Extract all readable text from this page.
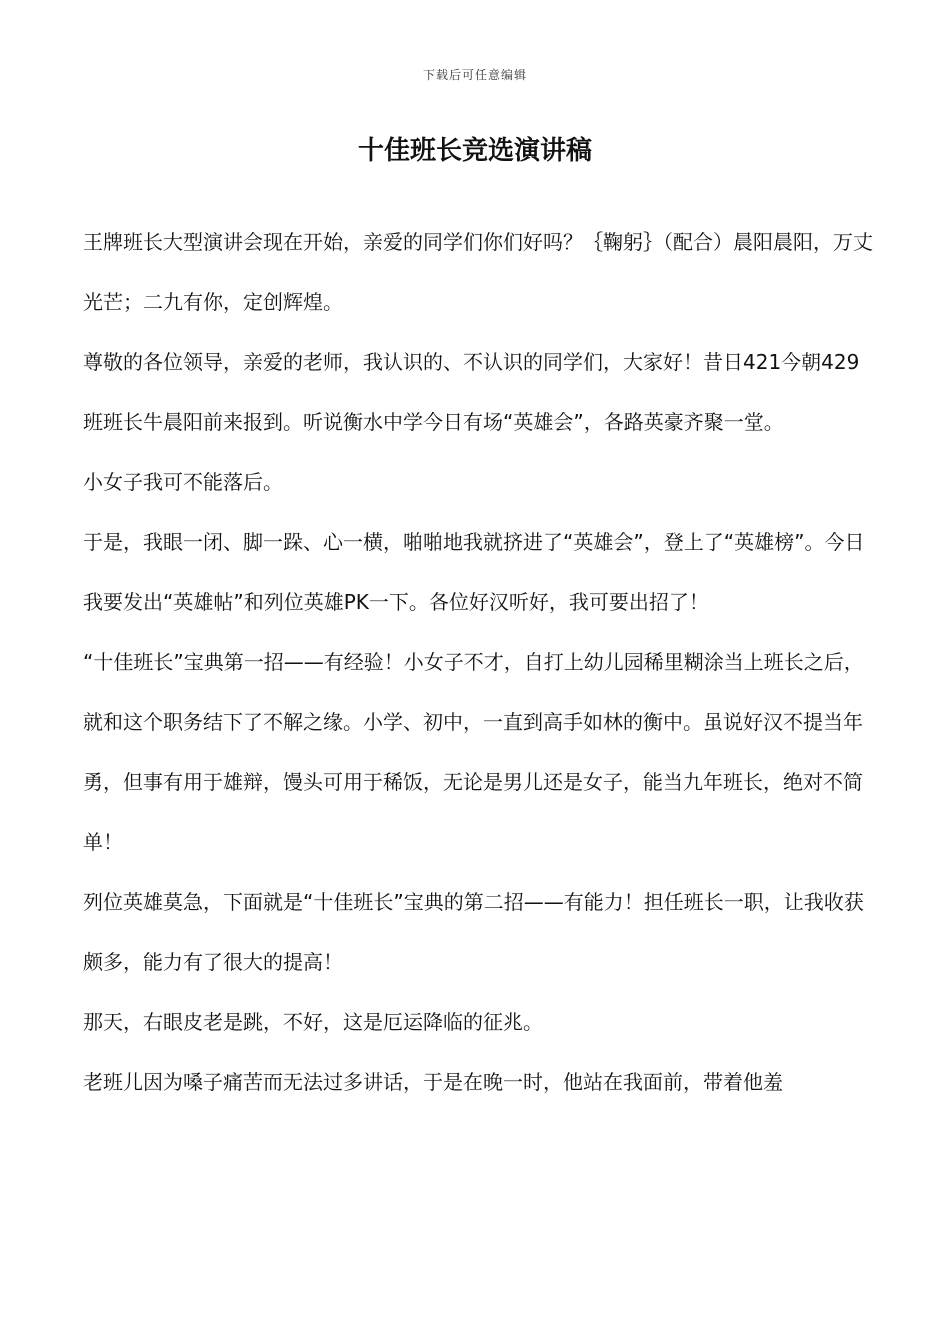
下载后可任意编辑
十佳班长竞选演讲稿

王牌班长大型演讲会现在开始，亲爱的同学们你们好吗？｛鞠躬｝（配合）晨阳晨阳，万丈光芒；二九有你，定创辉煌。

尊敬的各位领导，亲爱的老师，我认识的、不认识的同学们，大家好！昔日421今朝429班班长牛晨阳前来报到。听说衡水中学今日有场“英雄会”，各路英豪齐聚一堂。

小女子我可不能落后。

于是，我眼一闭、脚一跺、心一横，啪啪地我就挤进了“英雄会”，登上了“英雄榜”。今日我要发出“英雄帖”和列位英雄PK一下。各位好汉听好，我可要出招了！

“十佳班长”宝典第一招——有经验！小女子不才，自打上幼儿园稀里糊涂当上班长之后，就和这个职务结下了不解之缘。小学、初中，一直到高手如林的衡中。虽说好汉不提当年勇，但事有用于雄辩，馒头可用于稀饭，无论是男儿还是女子，能当九年班长，绝对不简单！

列位英雄莫急，下面就是“十佳班长”宝典的第二招——有能力！担任班长一职，让我收获颇多，能力有了很大的提高！

那天，右眼皮老是跳，不好，这是厄运降临的征兆。

老班儿因为嗓子痛苦而无法过多讲话，于是在晚一时，他站在我面前，带着他羞
